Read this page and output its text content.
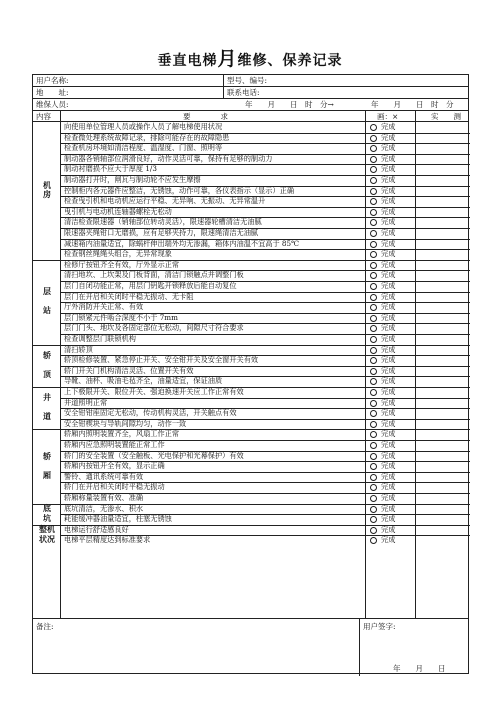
垂直电梯月维修、保养记录
用户名称:	型号、编号:
地　　址:	联系电话:
维保人员:	年　　月　　日　时　分→	年　　月　　日　时　分
内容	要　　　　求	画：×	实　　测
向使用单位管理人员或操作人员了解电梯使用状况	完成
检查微处理系统故障记录，排除可能存在的故障隐患	完成
检查机房环境如清洁程度、温湿度、门窗、照明等	完成
制动器各销轴部位润滑良好，动作灵活可靠，保持有足够的制动力	完成
制动衬磨损不应大于厚度 1/3	完成
制动器打开时，闸瓦与制动轮不应发生摩擦	完成
控制柜内各元器件应整洁，无锈蚀，动作可靠，各仪表指示（显示）正确	完成
检查曳引机和电动机应运行平稳、无异响、无振动、无异常温升	完成
曳引机与电动机连轴器螺栓无松动	完成
清洁检查限速器（销轴部位转动灵活），限速器轮槽清洁无油腻	完成
限速器夹绳钳口无磨损，应有足够夹持力，限速绳清洁无油腻	完成
减速箱内油量适宜，除蜗杆伸出端外均无渗漏，箱体内油温不宜高于 85℃	完成
检查钢丝绳绳头组合，无异常现象	完成
机
房
检修厅按钮齐全有效，厅外显示正常	完成
清扫地坎、上坎架及门板背面，清洁门锁触点并调整门板	完成
层门自闭功能正常，用层门钥匙开锁释放后能自动复位	完成
层门在开启和关闭时平稳无振动、无卡阻	完成
厅外消防开关正常、有效	完成
层门锁紧元件啮合深度不小于 7mm	完成
层门门头、地坎及各固定部位无松动，间隙尺寸符合要求	完成
检查调整层门联锁机构	完成
层

站
清扫轿顶	完成
轿顶检修装置、紧急停止开关、安全钳开关及安全窗开关有效	完成
轿门开关门机构清洁灵活、位置开关有效	完成
导靴、油杯、吸油毛毡齐全，油量适宜，保证油质	完成
轿

顶
上下极限开关、限位开关、强迫换速开关应工作正常有效	完成
井道照明正常	完成
安全钳钳座固定无松动，传动机构灵活，开关触点有效	完成
安全钳楔块与导轨间隙均匀，动作一致	完成
井

道
轿厢内照明装置齐全，风扇工作正常	完成
轿厢内应急照明装置能正常工作	完成
轿门的安全装置（安全触板、光电保护和光幕保护）有效	完成
轿厢内按钮开全有效，显示正确	完成
警铃、通讯系统可靠有效	完成
轿门在开启和关闭时平稳无振动	完成
轿厢称量装置有效、准确	完成
轿

厢
底坑清洁，无渗水、积水	完成
耗能缓冲器油量适宜，柱塞无锈蚀	完成
底
坑
电梯运行舒适感良好	完成
电梯平层精度达到标准要求	完成
整机
状况
备注:	用户签字:
年　　月　　日
